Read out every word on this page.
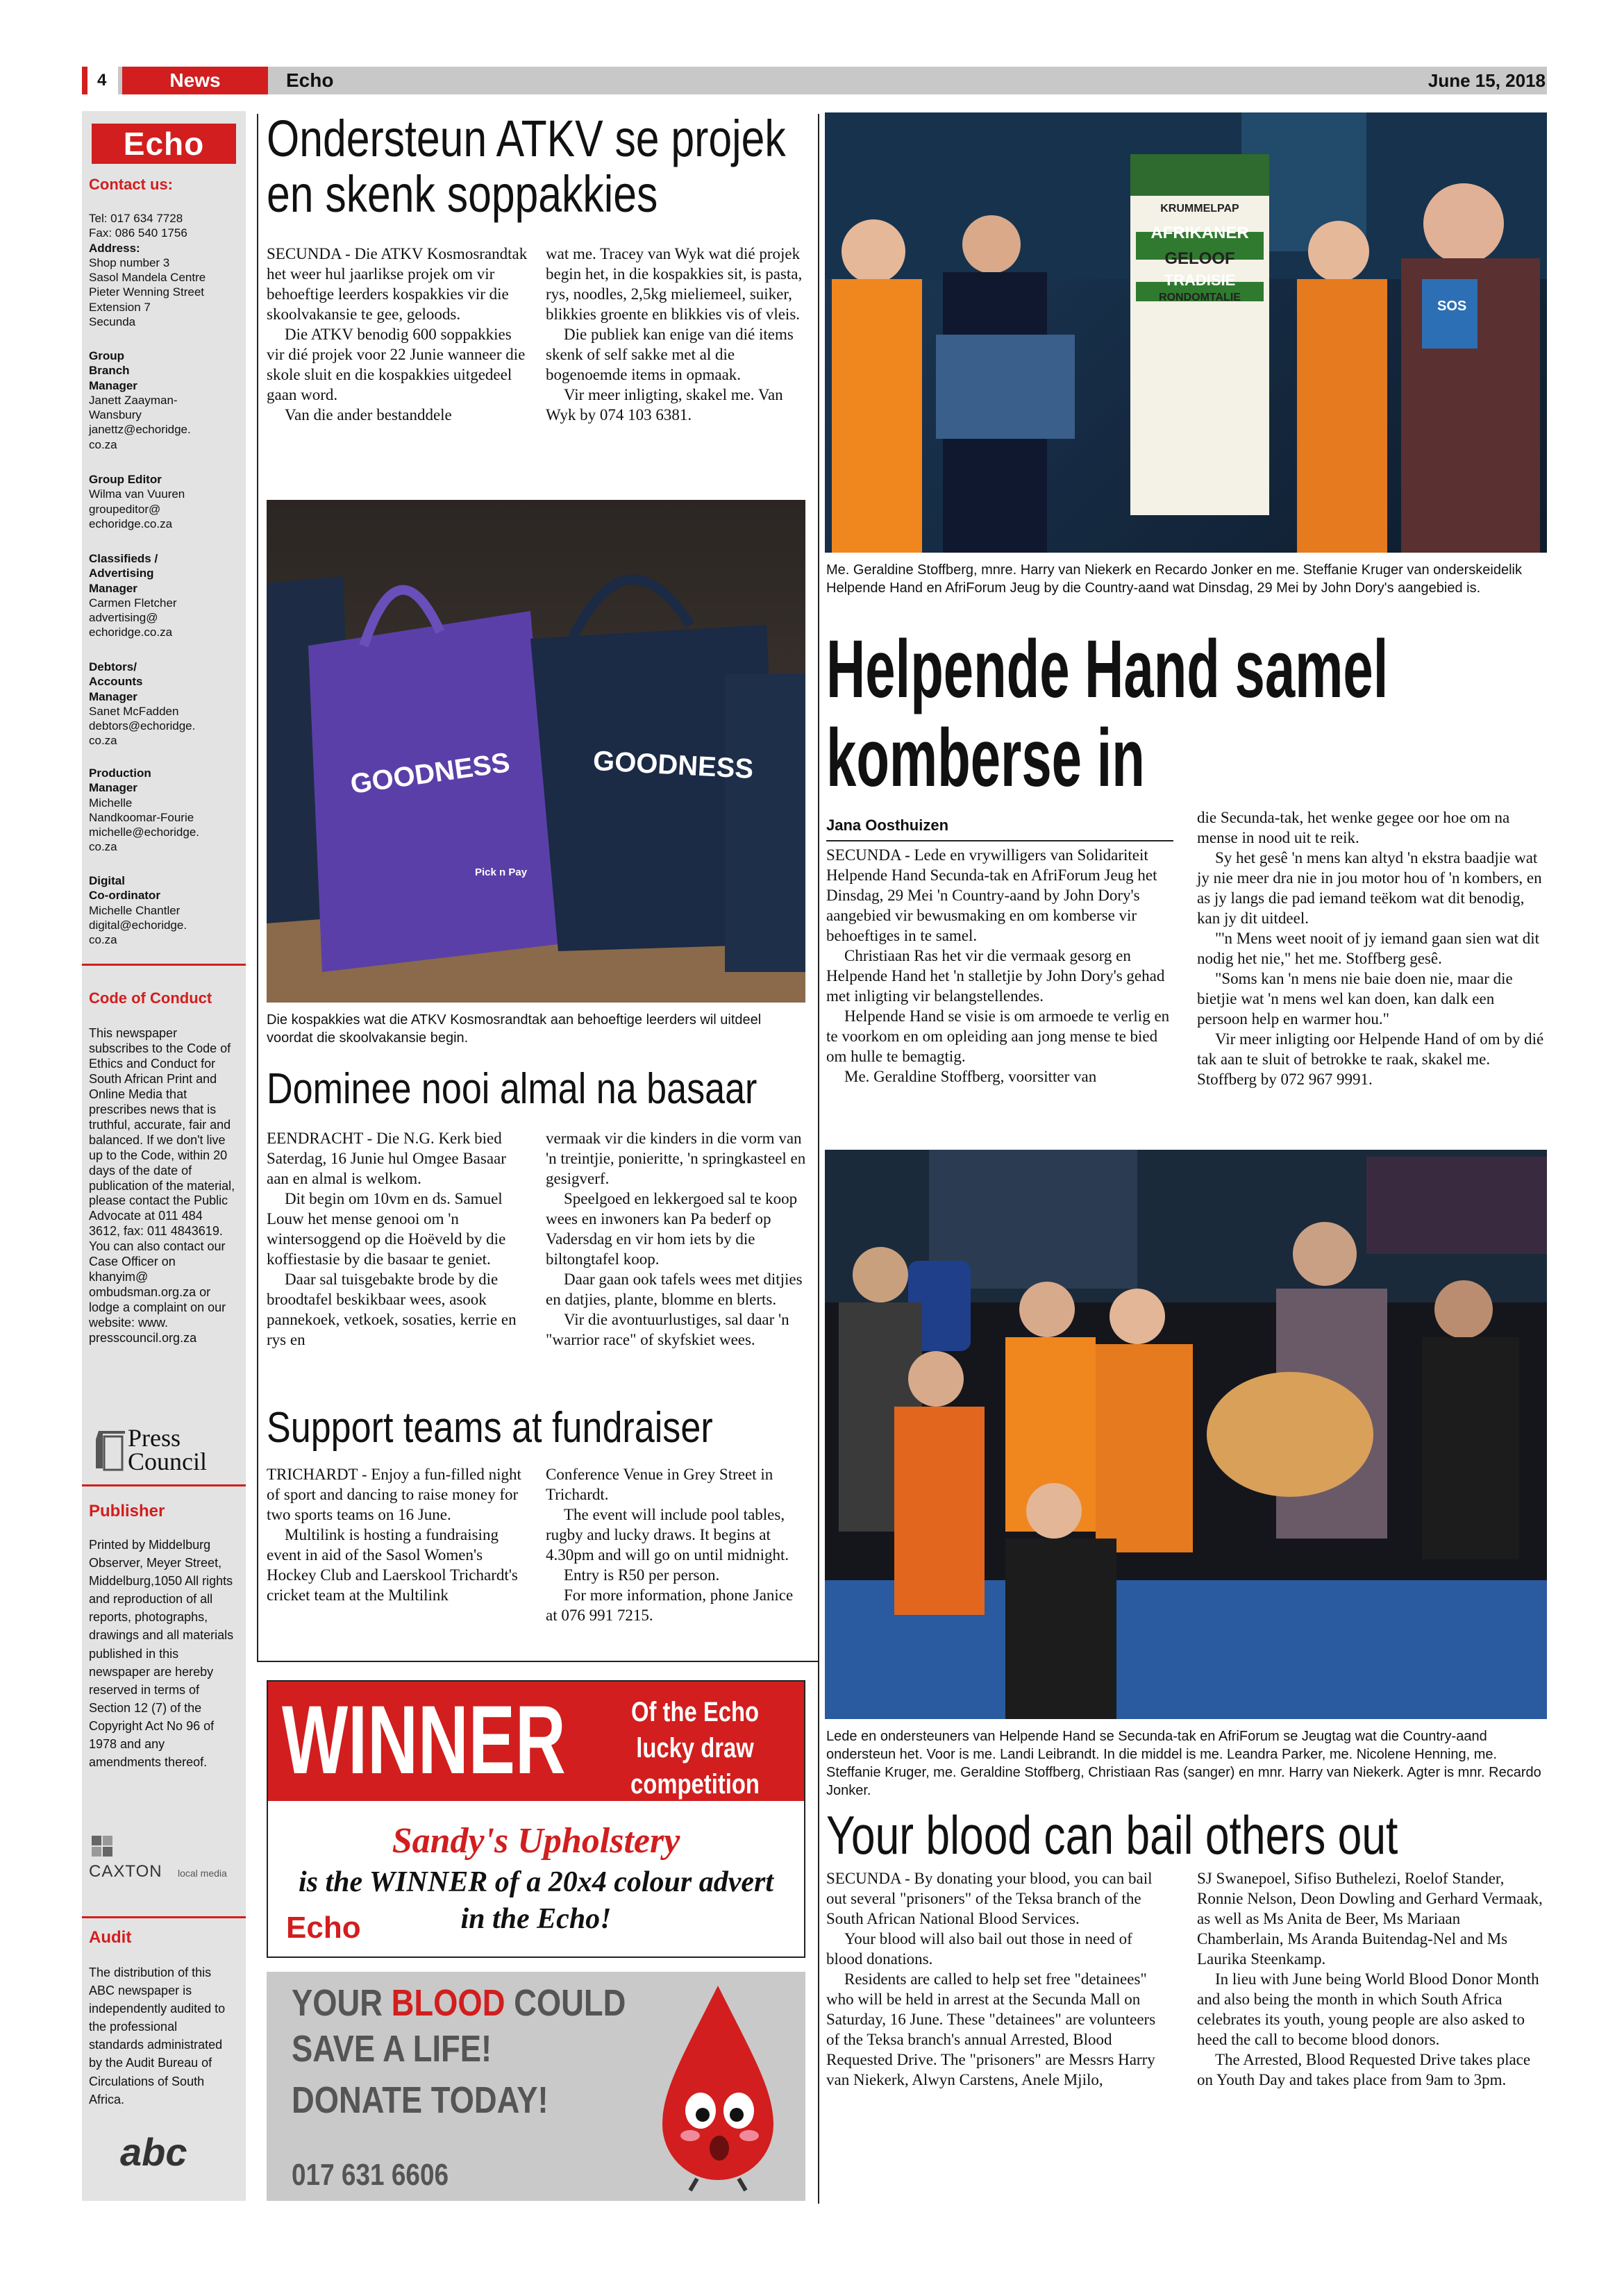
4	News	Echo	June 15, 2018
Echo
Contact us:
Tel: 017 634 7728
Fax: 086 540 1756
Address:
Shop number 3
Sasol Mandela Centre
Pieter Wenning Street
Extension 7
Secunda
Group
Branch
Manager
Janett Zaayman-
Wansbury
janettz@echoridge.
co.za
Group Editor
Wilma van Vuuren
groupeditor@
echoridge.co.za
Classifieds /
Advertising
Manager
Carmen Fletcher
advertising@
echoridge.co.za
Debtors/
Accounts
Manager
Sanet McFadden
debtors@echoridge.
co.za
Production
Manager
Michelle
Nandkoomar-Fourie
michelle@echoridge.
co.za
Digital
Co-ordinator
Michelle Chantler
digital@echoridge.
co.za
Code of Conduct
This newspaper subscribes to the Code of Ethics and Conduct for South African Print and Online Media that prescribes news that is truthful, accurate, fair and balanced. If we don't live up to the Code, within 20 days of the date of publication of the material, please contact the Public Advocate at 011 484 3612, fax: 011 4843619. You can also contact our Case Officer on khanyim@ ombudsman.org.za or lodge a complaint on our website: www. presscouncil.org.za
Press
Council
Publisher
Printed by Middelburg Observer, Meyer Street, Middelburg,1050 All rights and reproduction of all reports, photographs, drawings and all materials published in this newspaper are hereby reserved in terms of Section 12 (7) of the Copyright Act No 96 of 1978 and any amendments thereof.
CAXTON local media
Audit
The distribution of this ABC newspaper is independently audited to the professional standards administrated by the Audit Bureau of Circulations of South Africa.
abc
Ondersteun ATKV se projek
en skenk soppakkies

SECUNDA - Die ATKV Kosmosrandtak het weer hul jaarlikse projek om vir behoeftige leerders kospakkies vir die skoolvakansie te gee, geloods.

Die ATKV benodig 600 soppakkies vir dié projek voor 22 Junie wanneer die skole sluit en die kospakkies uitgedeel gaan word.

Van die ander bestanddele

wat me. Tracey van Wyk wat dié projek begin het, in die kospakkies sit, is pasta, rys, noodles, 2,5kg mieliemeel, suiker, blikkies groente en blikkies vis of vleis.

Die publiek kan enige van dié items skenk of self sakke met al die bogenoemde items in opmaak.

Vir meer inligting, skakel me. Van Wyk by 074 103 6381.

GOODNESS	GOODNESS
Pick n Pay
Die kospakkies wat die ATKV Kosmosrandtak aan behoeftige leerders wil uitdeel voordat die skoolvakansie begin.
Dominee nooi almal na basaar

EENDRACHT - Die N.G. Kerk bied Saterdag, 16 Junie hul Omgee Basaar aan en almal is welkom.

Dit begin om 10vm en ds. Samuel Louw het mense genooi om 'n wintersoggend op die Hoëveld by die koffiestasie by die basaar te geniet.

Daar sal tuisgebakte brode by die broodtafel beskikbaar wees, asook pannekoek, vetkoek, sosaties, kerrie en rys en

vermaak vir die kinders in die vorm van 'n treintjie, ponieritte, 'n springkasteel en gesigverf.

Speelgoed en lekkergoed sal te koop wees en inwoners kan Pa bederf op Vadersdag en vir hom iets by die biltongtafel koop.

Daar gaan ook tafels wees met ditjies en datjies, plante, blomme en blerts.

Vir die avontuurlustiges, sal daar 'n "warrior race" of skyfskiet wees.

Support teams at fundraiser

TRICHARDT - Enjoy a fun-filled night of sport and dancing to raise money for two sports teams on 16 June.

Multilink is hosting a fundraising event in aid of the Sasol Women's Hockey Club and Laerskool Trichardt's cricket team at the Multilink

Conference Venue in Grey Street in Trichardt.

The event will include pool tables, rugby and lucky draws. It begins at 4.30pm and will go on until midnight.

Entry is R50 per person.

For more information, phone Janice at 076 991 7215.

WINNER	Of the Echo
lucky draw
competition
Sandy's Upholstery
is the WINNER of a 20x4 colour advert
in the Echo!
Echo
YOUR BLOOD COULD
SAVE A LIFE!
DONATE TODAY!
017 631 6606
KRUMMELPAP
AFRIKANER
GELOOF
TRADISIE
RONDOMTALIE
SOS
Me. Geraldine Stoffberg, mnre. Harry van Niekerk en Recardo Jonker en me. Steffanie Kruger van onderskeidelik Helpende Hand en AfriForum Jeug by die Country-aand wat Dinsdag, 29 Mei by John Dory's aangebied is.
Helpende Hand samel
komberse in
Jana Oosthuizen

SECUNDA - Lede en vrywilligers van Solidariteit Helpende Hand Secunda-tak en AfriForum Jeug het Dinsdag, 29 Mei 'n Country-aand by John Dory's aangebied vir bewusmaking en om komberse vir behoeftiges in te samel.

Christiaan Ras het vir die vermaak gesorg en Helpende Hand het 'n stalletjie by John Dory's gehad met inligting vir belangstellendes.

Helpende Hand se visie is om armoede te verlig en te voorkom en om opleiding aan jong mense te bied om hulle te bemagtig.

Me. Geraldine Stoffberg, voorsitter van

die Secunda-tak, het wenke gegee oor hoe om na mense in nood uit te reik.

Sy het gesê 'n mens kan altyd 'n ekstra baadjie wat jy nie meer dra nie in jou motor hou of 'n kombers, en as jy langs die pad iemand teëkom wat dit benodig, kan jy dit uitdeel.

"'n Mens weet nooit of jy iemand gaan sien wat dit nodig het nie," het me. Stoffberg gesê.

"Soms kan 'n mens nie baie doen nie, maar die bietjie wat 'n mens wel kan doen, kan dalk een persoon help en warmer hou."

Vir meer inligting oor Helpende Hand of om by dié tak aan te sluit of betrokke te raak, skakel me. Stoffberg by 072 967 9991.

Lede en ondersteuners van Helpende Hand se Secunda-tak en AfriForum se Jeugtag wat die Country-aand ondersteun het. Voor is me. Landi Leibrandt. In die middel is me. Leandra Parker, me. Nicolene Henning, me. Steffanie Kruger, me. Geraldine Stoffberg, Christiaan Ras (sanger) en mnr. Harry van Niekerk. Agter is mnr. Recardo Jonker.
Your blood can bail others out

SECUNDA - By donating your blood, you can bail out several "prisoners" of the Teksa branch of the South African National Blood Services.

Your blood will also bail out those in need of blood donations.

Residents are called to help set free "detainees" who will be held in arrest at the Secunda Mall on Saturday, 16 June. These "detainees" are volunteers of the Teksa branch's annual Arrested, Blood Requested Drive. The "prisoners" are Messrs Harry van Niekerk, Alwyn Carstens, Anele Mjilo,

SJ Swanepoel, Sifiso Buthelezi, Roelof Stander, Ronnie Nelson, Deon Dowling and Gerhard Vermaak, as well as Ms Anita de Beer, Ms Mariaan Chamberlain, Ms Aranda Buitendag-Nel and Ms Laurika Steenkamp.

In lieu with June being World Blood Donor Month and also being the month in which South Africa celebrates its youth, young people are also asked to heed the call to become blood donors.

The Arrested, Blood Requested Drive takes place on Youth Day and takes place from 9am to 3pm.
